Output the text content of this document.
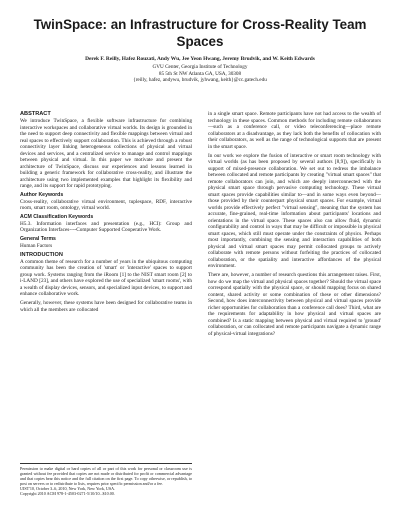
TwinSpace: an Infrastructure for Cross-Reality Team Spaces
Derek F. Reilly, Hafez Rouzati, Andy Wu, Jee Yeon Hwang, Jeremy Brudvik, and W. Keith Edwards
GVU Center, Georgia Institute of Technology
85 5th St NW Atlanta GA, USA, 30308
{reilly, hafez, andywu, brudvik, jyhwang, keith}@cc.gatech.edu
ABSTRACT

We introduce TwinSpace, a flexible software infrastructure for combining interactive workspaces and collaborative virtual worlds. Its design is grounded in the need to support deep connectivity and flexible mappings between virtual and real spaces to effectively support collaboration. This is achieved through a robust connectivity layer linking heterogeneous collections of physical and virtual devices and services, and a centralized service to manage and control mappings between physical and virtual. In this paper we motivate and present the architecture of TwinSpace, discuss our experiences and lessons learned in building a generic framework for collaborative cross-reality, and illustrate the architecture using two implemented examples that highlight its flexibility and range, and its support for rapid prototyping.

Author Keywords

Cross-reality, collaborative virtual environment, tuplespace, RDF, interactive room, smart room, ontology, virtual world.

ACM Classification Keywords

H5.3. Information interfaces and presentation (e.g., HCI): Group and Organization Interfaces----Computer Supported Cooperative Work.

General Terms

Human Factors

INTRODUCTION

A common theme of research for a number of years in the ubiquitous computing community has been the creation of 'smart' or 'interactive' spaces to support group work. Systems ranging from the iRoom [1] to the NIST smart room [2] to i-LAND [23], and others have explored the use of specialized 'smart rooms', with a wealth of display devices, sensors, and specialized input devices, to support and enhance collaborative work.

Generally, however, these systems have been designed for collaborative teams in which all the members are collocated

Permission to make digital or hard copies of all or part of this work for personal or classroom use is granted without fee provided that copies are not made or distributed for profit or commercial advantage and that copies bear this notice and the full citation on the first page. To copy otherwise, or republish, to post on servers or to redistribute to lists, requires prior specific permission and/or a fee.
UIST'10, October 3–6, 2010, New York, New York, USA.
Copyright 2010 ACM 978-1-4503-0271-5/10/10...$10.00.

in a single smart space. Remote participants have not had access to the wealth of technology in these spaces. Common methods for including remote collaborators—such as a conference call, or video teleconferencing—place remote collaborators at a disadvantage, as they lack both the benefits of collocation with their collaborators, as well as the range of technological supports that are present in the smart space.

In our work we explore the fusion of interactive or smart room technology with virtual worlds (as has been proposed by several authors [8,9]), specifically in support of mixed-presence collaboration. We set out to redress the imbalance between collocated and remote participants by creating "virtual smart spaces" that remote collaborators can join, and which are deeply interconnected with the physical smart space through pervasive computing technology. These virtual smart spaces provide capabilities similar to—and in some ways even beyond—those provided by their counterpart physical smart spaces. For example, virtual worlds provide effectively perfect "virtual sensing", meaning that the system has accurate, fine-grained, real-time information about participants' locations and orientations in the virtual space. These spaces also can allow fluid, dynamic configurability and control in ways that may be difficult or impossible in physical smart spaces, which still must operate under the constraints of physics. Perhaps most importantly, combining the sensing and interaction capabilities of both physical and virtual smart spaces may permit collocated groups to actively collaborate with remote persons without forfeiting the practices of collocated collaboration, or the spatiality and interactive affordances of the physical environment.

There are, however, a number of research questions this arrangement raises. First, how do we map the virtual and physical spaces together? Should the virtual space correspond spatially with the physical space, or should mapping focus on shared content, shared activity or some combination of these or other dimensions? Second, how does interconnectivity between physical and virtual spaces provide richer opportunities for collaboration than a conference call does? Third, what are the requirements for adaptability in how physical and virtual spaces are combined? Is a static mapping between physical and virtual required to 'ground' collaboration, or can collocated and remote participants navigate a dynamic range of physical-virtual integrations?
